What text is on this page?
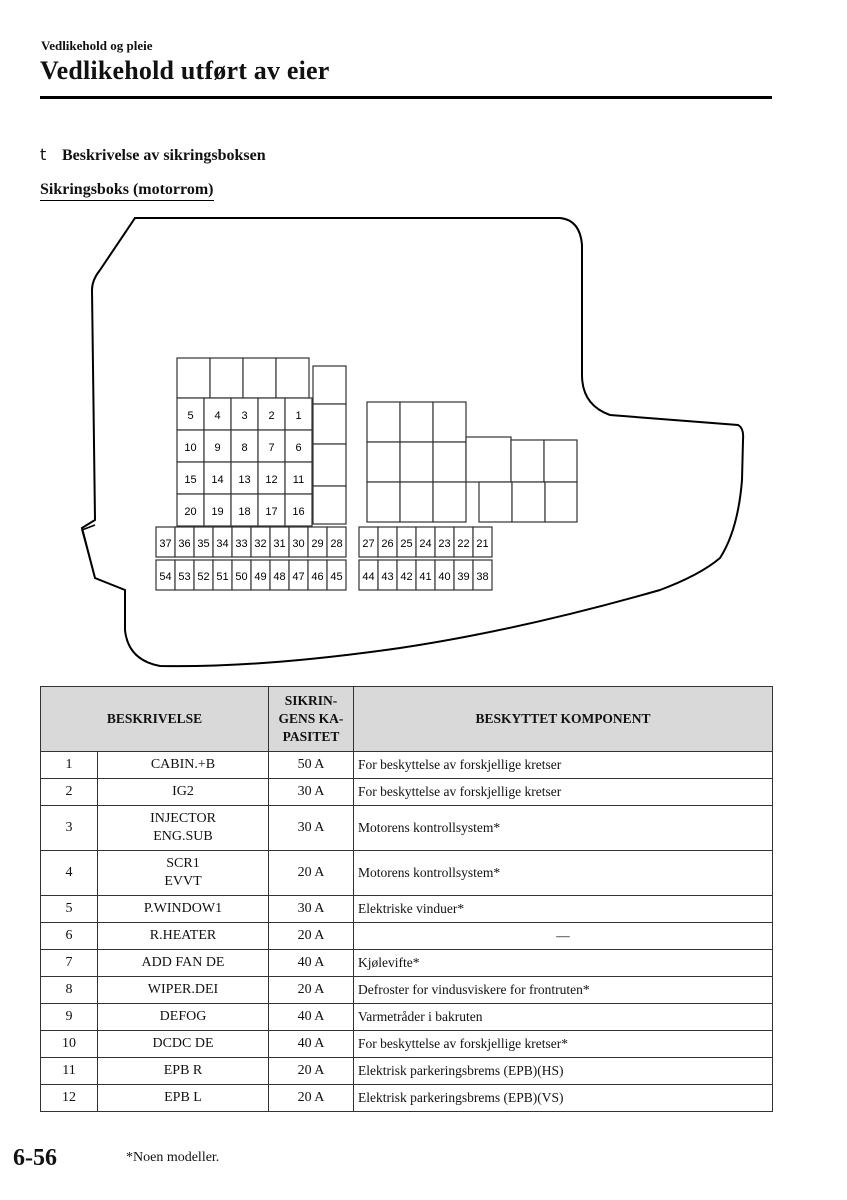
Vedlikehold og pleie
Vedlikehold utført av eier
t Beskrivelse av sikringsboksen
Sikringsboks (motorrom)
5 4 3 2 1
10 9 8 7 6
15 14 13 12 11
20 19 18 17 16
37 36 35 34 33 32 31 30 29 28
54 53 52 51 50 49 48 47 46 45
27 26 25 24 23 22 21
44 43 42 41 40 39 38
BESKRIVELSE		SIKRIN-
GENS KA-
PASITET	BESKYTTET KOMPONENT
1	CABIN.+B	50 A	For beskyttelse av forskjellige kretser
2	IG2	30 A	For beskyttelse av forskjellige kretser
3	INJECTOR
ENG.SUB	30 A	Motorens kontrollsystem*
4	SCR1
EVVT	20 A	Motorens kontrollsystem*
5	P.WINDOW1	30 A	Elektriske vinduer*
6	R.HEATER	20 A	—
7	ADD FAN DE	40 A	Kjølevifte*
8	WIPER.DEI	20 A	Defroster for vindusviskere for frontruten*
9	DEFOG	40 A	Varmetråder i bakruten
10	DCDC DE	40 A	For beskyttelse av forskjellige kretser*
11	EPB R	20 A	Elektrisk parkeringsbrems (EPB)(HS)
12	EPB L	20 A	Elektrisk parkeringsbrems (EPB)(VS)
6-56	*Noen modeller.
